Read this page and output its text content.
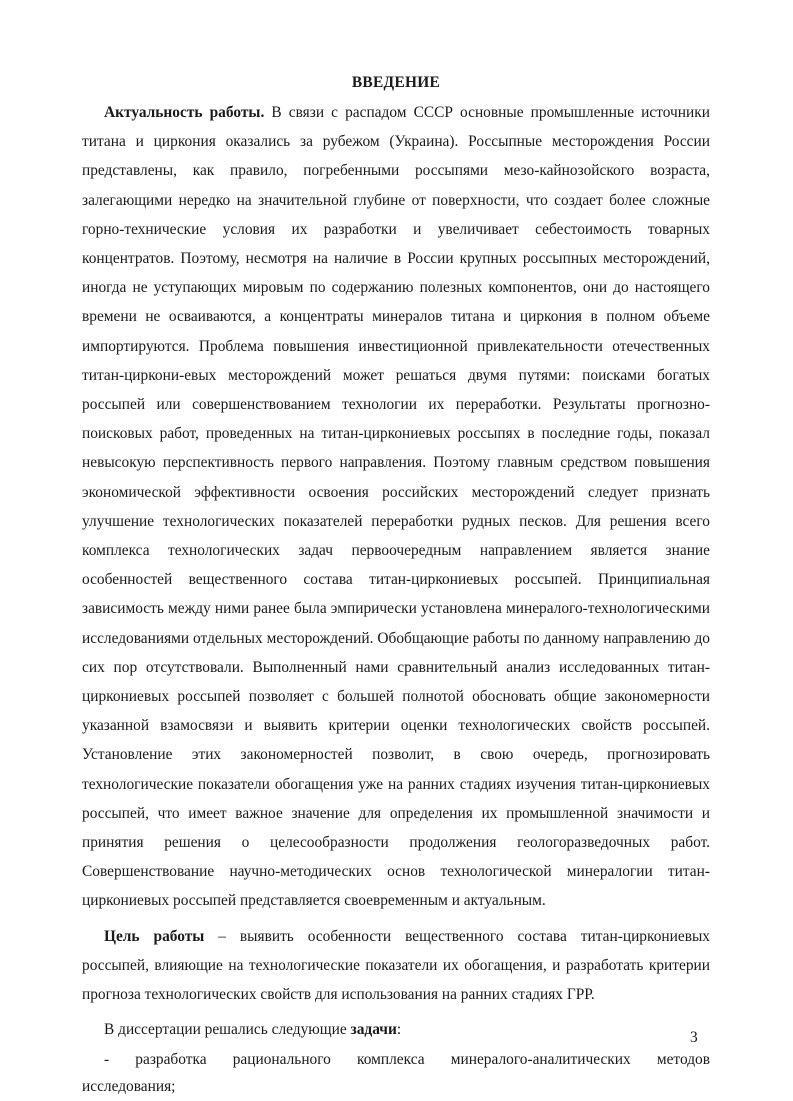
ВВЕДЕНИЕ

Актуальность работы. В связи с распадом СССР основные промышленные источники титана и циркония оказались за рубежом (Украина). Россыпные месторождения России представлены, как правило, погребенными россыпями мезо-кайнозойского возраста, залегающими нередко на значительной глубине от поверхности, что создает более сложные горно-технические условия их разработки и увеличивает себестоимость товарных концентратов. Поэтому, несмотря на наличие в России крупных россыпных месторождений, иногда не уступающих мировым по содержанию полезных компонентов, они до настоящего времени не осваиваются, а концентраты минералов титана и циркония в полном объеме импортируются. Проблема повышения инвестиционной привлекательности отечественных титан-циркони-евых месторождений может решаться двумя путями: поисками богатых россыпей или совершенствованием технологии их переработки. Результаты прогнозно-поисковых работ, проведенных на титан-циркониевых россыпях в последние годы, показал невысокую перспективность первого направления. Поэтому главным средством повышения экономической эффективности освоения российских месторождений следует признать улучшение технологических показателей переработки рудных песков. Для решения всего комплекса технологических задач первоочередным направлением является знание особенностей вещественного состава титан-циркониевых россыпей. Принципиальная зависимость между ними ранее была эмпирически установлена минералого-технологическими исследованиями отдельных месторождений. Обобщающие работы по данному направлению до сих пор отсутствовали. Выполненный нами сравнительный анализ исследованных титан-циркониевых россыпей позволяет с большей полнотой обосновать общие закономерности указанной взамосвязи и выявить критерии оценки технологических свойств россыпей. Установление этих закономерностей позволит, в свою очередь, прогнозировать технологические показатели обогащения уже на ранних стадиях изучения титан-циркониевых россыпей, что имеет важное значение для определения их промышленной значимости и принятия решения о целесообразности продолжения геологоразведочных работ. Совершенствование научно-методических основ технологической минералогии титан-циркониевых россыпей представляется своевременным и актуальным.

Цель работы – выявить особенности вещественного состава титан-циркониевых россыпей, влияющие на технологические показатели их обогащения, и разработать критерии прогноза технологических свойств для использования на ранних стадиях ГРР.

В диссертации решались следующие задачи:

- разработка рационального комплекса минералого-аналитических методов

исследования;

3
